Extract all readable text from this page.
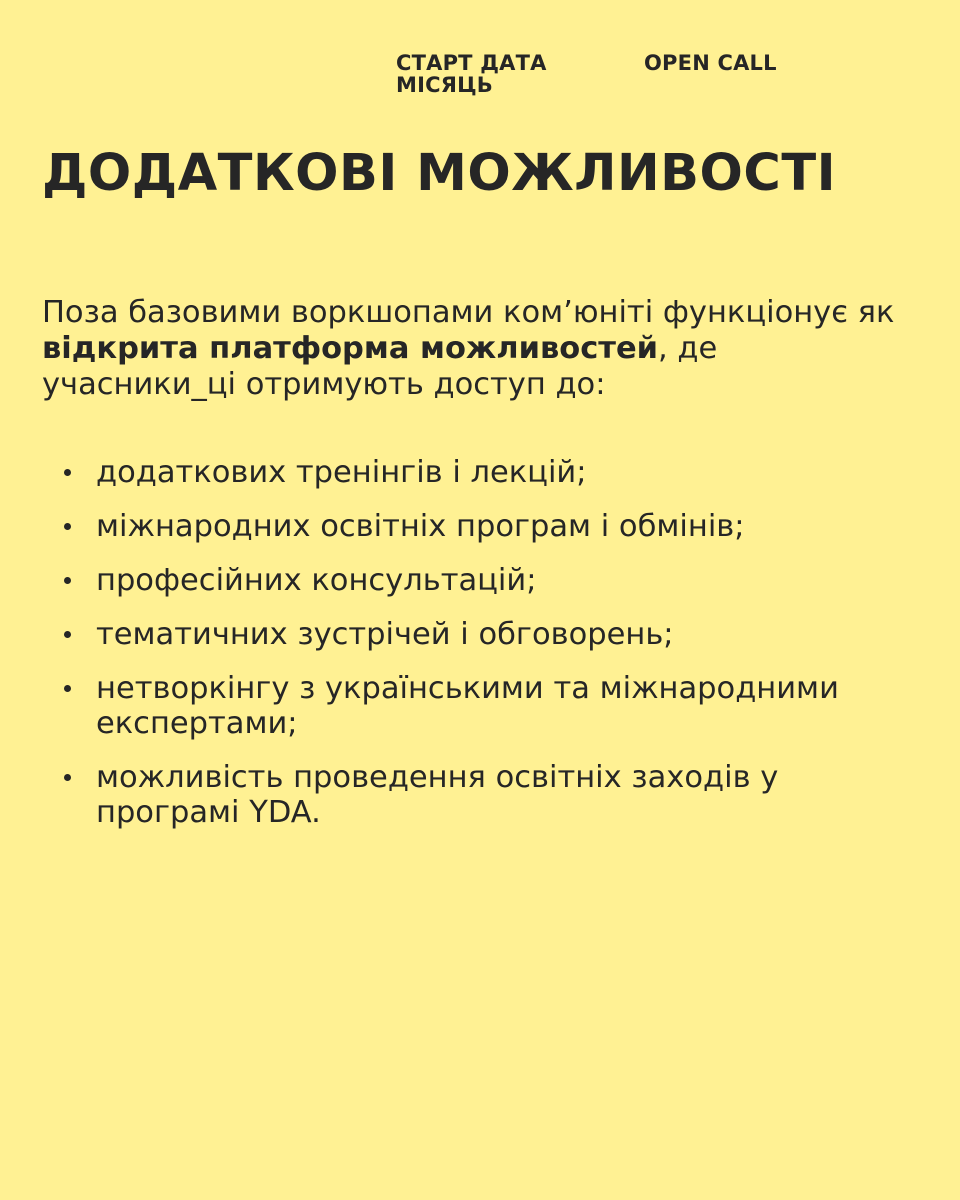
СТАРТ ДАТА
МІСЯЦЬ
OPEN CALL
ДОДАТКОВІ МОЖЛИВОСТІ

Поза базовими воркшопами ком’юніті функціонує як відкрита платформа можливостей, де учасники_ці отримують доступ до:

додаткових тренінгів і лекцій;
міжнародних освітніх програм і обмінів;
професійних консультацій;
тематичних зустрічей і обговорень;
нетворкінгу з українськими та міжнародними експертами;
можливість проведення освітніх заходів у програмі YDA.
